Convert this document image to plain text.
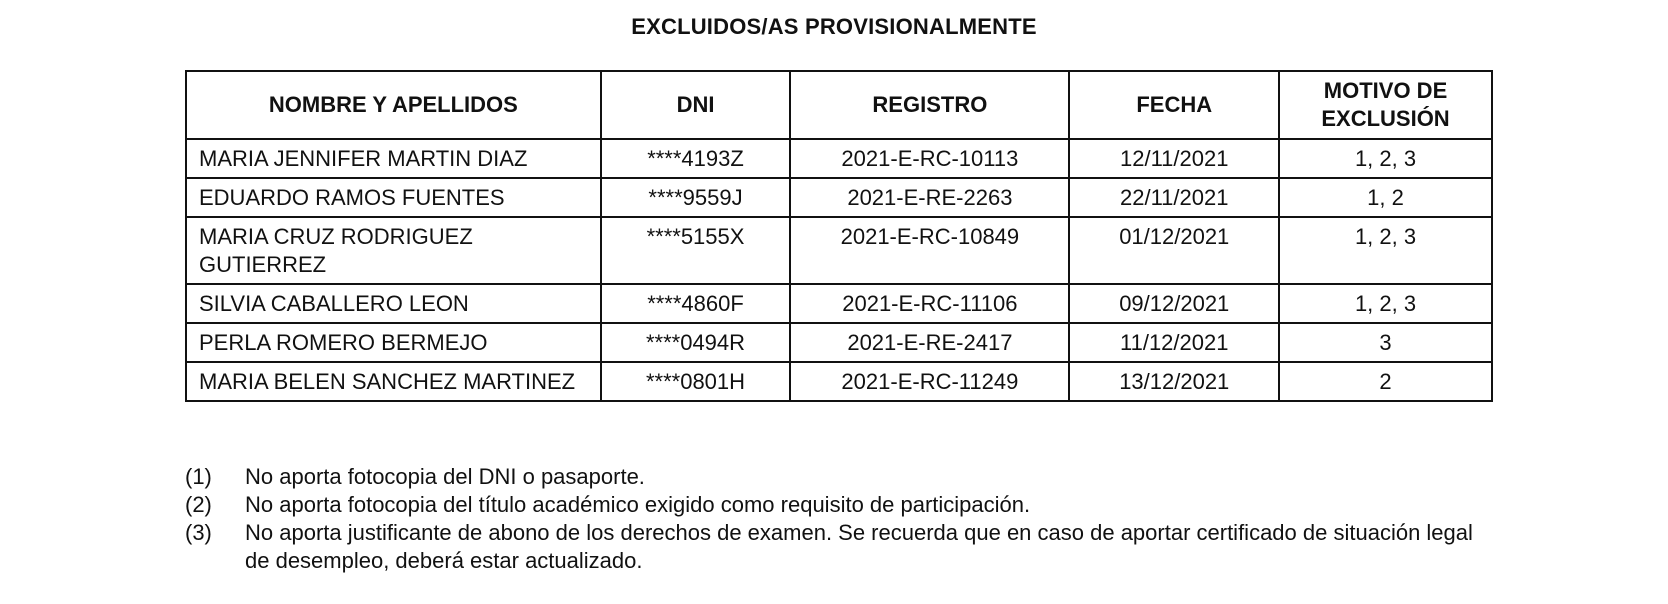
EXCLUIDOS/AS PROVISIONALMENTE
NOMBRE Y APELLIDOS	DNI	REGISTRO	FECHA	MOTIVO DE
EXCLUSIÓN
MARIA JENNIFER MARTIN DIAZ	****4193Z	2021-E-RC-10113	12/11/2021	1, 2, 3
EDUARDO RAMOS FUENTES	****9559J	2021-E-RE-2263	22/11/2021	1, 2
MARIA CRUZ RODRIGUEZ GUTIERREZ	****5155X	2021-E-RC-10849	01/12/2021	1, 2, 3
SILVIA CABALLERO LEON	****4860F	2021-E-RC-11106	09/12/2021	1, 2, 3
PERLA ROMERO BERMEJO	****0494R	2021-E-RE-2417	11/12/2021	3
MARIA BELEN SANCHEZ MARTINEZ	****0801H	2021-E-RC-11249	13/12/2021	2
(1)	No aporta fotocopia del DNI o pasaporte.
(2)	No aporta fotocopia del título académico exigido como requisito de participación.
(3)	No aporta justificante de abono de los derechos de examen. Se recuerda que en caso de aportar certificado de situación legal de desempleo, deberá estar actualizado.
